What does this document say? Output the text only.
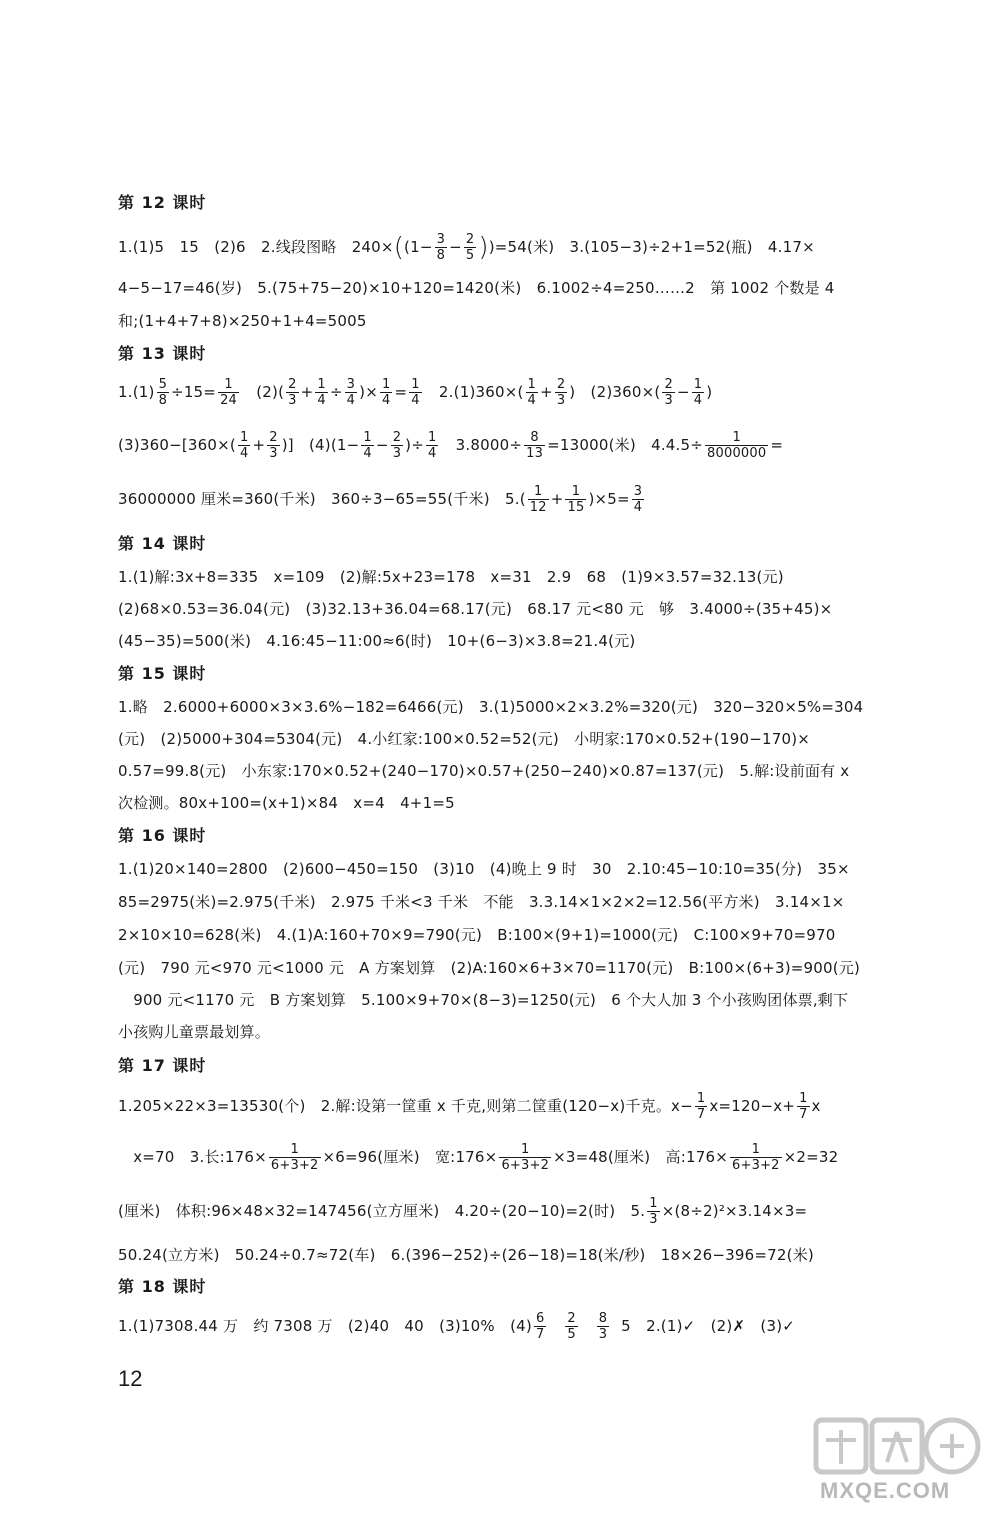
第 12 课时
1.(1)5　15　(2)6　2.线段图略　$240\times((1- \frac{3}{8} - \frac{2}{5} ))=54$(米)　3.(105−3)÷2+1=52(瓶)　4.17×
4−5−17=46(岁)　5.(75+75−20)×10+120=1420(米)　6.1002÷4=250……2　第 1002 个数是 4
和;(1+4+7+8)×250+1+4=5005
第 13 课时
$1.(1) \frac{5}{8} \div 15= \frac{1}{24}$ 　$(2)( \frac{2}{3} + \frac{1}{4} \div \frac{3}{4}$ )× $\frac{1}{4} = \frac{1}{4}$ 　$2.(1)360\times( \frac{1}{4} + \frac{2}{3}$ )　$(2)360\times( \frac{2}{3} - \frac{1}{4}$ )
$(3)360-[360\times( \frac{1}{4} + \frac{2}{3}$ )]　$(4)(1- \frac{1}{4} - \frac{2}{3}$ )÷ $\frac{1}{4}$ 　$3.8000\div \frac{8}{13} =13000$(米)　$4.4.5\div \frac{1}{8000000}$ =
36000000 厘米=360(千米)　360÷3−65=55(千米)　$5.( \frac{1}{12} + \frac{1}{15} )\times 5= \frac{3}{4}$
第 14 课时
1.(1)解:3x+8=335　x=109　(2)解:5x+23=178　x=31　2.9　68　(1)9×3.57=32.13(元)
(2)68×0.53=36.04(元)　(3)32.13+36.04=68.17(元)　68.17 元<80 元　够　3.4000÷(35+45)×
(45−35)=500(米)　4.16:45−11:00≈6(时)　10+(6−3)×3.8=21.4(元)
第 15 课时
1.略　2.6000+6000×3×3.6%−182=6466(元)　3.(1)5000×2×3.2%=320(元)　320−320×5%=304
(元)　(2)5000+304=5304(元)　4.小红家:100×0.52=52(元)　小明家:170×0.52+(190−170)×
0.57=99.8(元)　小东家:170×0.52+(240−170)×0.57+(250−240)×0.87=137(元)　5.解:设前面有 x
次检测。80x+100=(x+1)×84　x=4　4+1=5
第 16 课时
1.(1)20×140=2800　(2)600−450=150　(3)10　(4)晚上 9 时　30　2.10:45−10:10=35(分)　35×
85=2975(米)=2.975(千米)　2.975 千米<3 千米　不能　3.3.14×1×2×2=12.56(平方米)　3.14×1×
2×10×10=628(米)　4.(1)A:160+70×9=790(元)　B:100×(9+1)=1000(元)　C:100×9+70=970
(元)　790 元<970 元<1000 元　A 方案划算　(2)A:160×6+3×70=1170(元)　B:100×(6+3)=900(元)
　900 元<1170 元　B 方案划算　5.100×9+70×(8−3)=1250(元)　6 个大人加 3 个小孩购团体票,剩下
小孩购儿童票最划算。
第 17 课时
1.205×22×3=13530(个)　2.解:设第一筐重 x 千克,则第二筐重(120−x)千克。$x- \frac{1}{7} x=120-x+ \frac{1}{7}$ x
　x=70　3.长:176× $\frac{1}{6+3+2} \times 6=96$(厘米)　宽:176× $\frac{1}{6+3+2} \times 3=48$(厘米)　高:176× $\frac{1}{6+3+2} \times 2=32$
(厘米)　体积:96×48×32=147456(立方厘米)　4.20÷(20−10)=2(时)　5. $\frac{1}{3} \times(8\div 2)^2\times 3.14\times 3=$
50.24(立方米)　50.24÷0.7≈72(车)　6.(396−252)÷(26−18)=18(米/秒)　18×26−396=72(米)
第 18 课时
1.(1)7308.44 万　约 7308 万　(2)40　40　(3)10%　$(4) \frac{6}{7}$
$\frac{2}{5}$
$\frac{8}{3} 5$　2.(1)✓　(2)✗　(3)✓
12
MXQE.COM
